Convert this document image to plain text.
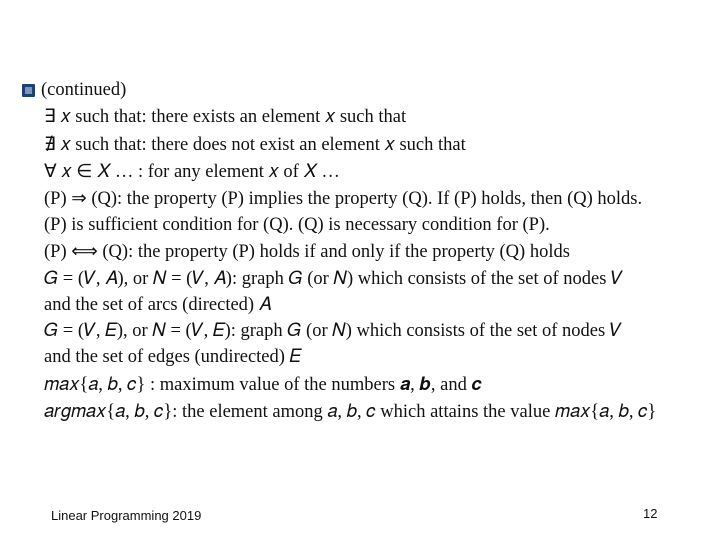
(continued)
∃ 𝑥 such that: there exists an element 𝑥 such that
∄ 𝑥 such that: there does not exist an element 𝑥 such that
∀ 𝑥 ∈ 𝑋 … : for any element 𝑥 of 𝑋 …
(P) ⇒ (Q): the property (P) implies the property (Q). If (P) holds, then (Q) holds.
(P) is sufficient condition for (Q). (Q) is necessary condition for (P).
(P) ⟺ (Q): the property (P) holds if and only if the property (Q) holds
𝐺 = (𝑉, 𝐴), or 𝑁 = (𝑉, 𝐴): graph 𝐺 (or 𝑁) which consists of the set of nodes 𝑉
and the set of arcs (directed) 𝐴
𝐺 = (𝑉, 𝐸), or 𝑁 = (𝑉, 𝐸): graph 𝐺 (or 𝑁) which consists of the set of nodes 𝑉
and the set of edges (undirected) 𝐸
𝑚𝑎𝑥{𝑎, 𝑏, 𝑐} : maximum value of the numbers 𝒂, 𝒃, and 𝒄
𝑎𝑟𝑔𝑚𝑎𝑥{𝑎, 𝑏, 𝑐}: the element among 𝑎, 𝑏, 𝑐 which attains the value 𝑚𝑎𝑥{𝑎, 𝑏, 𝑐}
Linear Programming 2019	12
